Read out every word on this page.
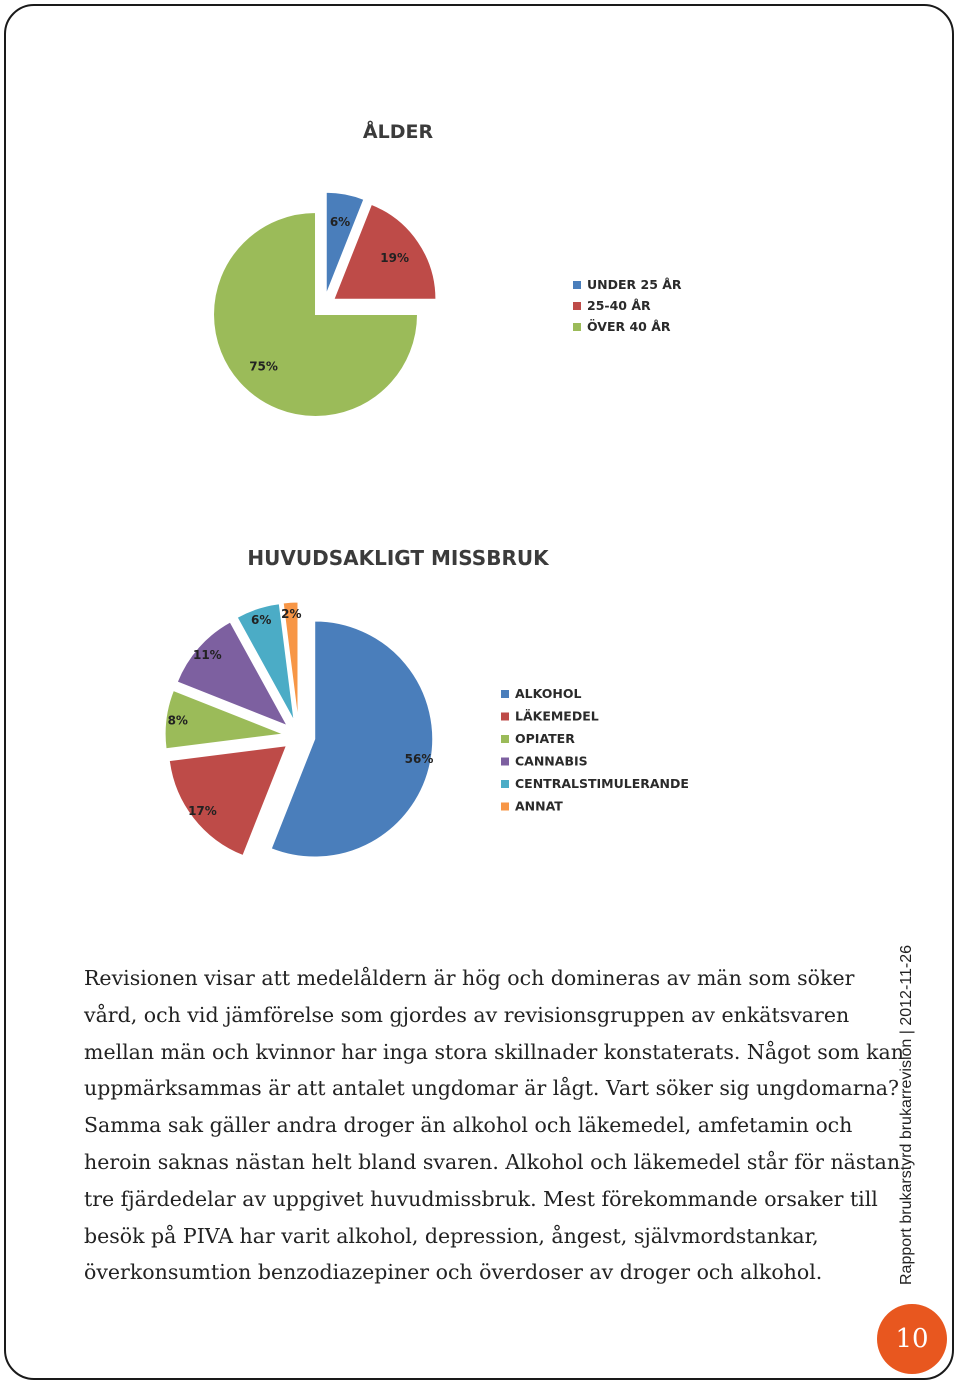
ÅLDER
6%
19%
75%
UNDER 25 ÅR
25-40 ÅR
ÖVER 40 ÅR
HUVUDSAKLIGT MISSBRUK
56%
17%
8%
11%
6% 2%
ALKOHOL
LÄKEMEDEL
OPIATER
CANNABIS
CENTRALSTIMULERANDE
ANNAT
Revisionen visar att medelåldern är hög och domineras av män som söker
vård, och vid jämförelse som gjordes av revisionsgruppen av enkätsvaren
mellan män och kvinnor har inga stora skillnader konstaterats. Något som kan
uppmärksammas är att antalet ungdomar är lågt. Vart söker sig ungdomarna?
Samma sak gäller andra droger än alkohol och läkemedel, amfetamin och
heroin saknas nästan helt bland svaren. Alkohol och läkemedel står för nästan
tre fjärdedelar av uppgivet huvudmissbruk. Mest förekommande orsaker till
besök på PIVA har varit alkohol, depression, ångest, självmordstankar,
överkonsumtion benzodiazepiner och överdoser av droger och alkohol.	Rapport brukarstyrd brukarrevision | 2012-11-26
10
